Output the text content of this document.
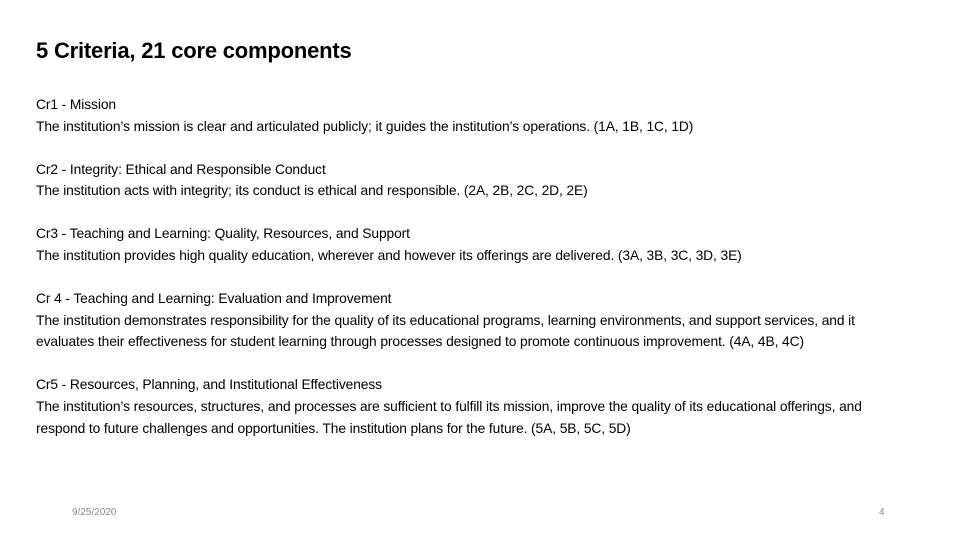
5 Criteria, 21 core components
Cr1 - Mission
The institution’s mission is clear and articulated publicly; it guides the institution’s operations. (1A, 1B, 1C, 1D)
Cr2 - Integrity: Ethical and Responsible Conduct
The institution acts with integrity; its conduct is ethical and responsible. (2A, 2B, 2C, 2D, 2E)
Cr3 - Teaching and Learning: Quality, Resources, and Support
The institution provides high quality education, wherever and however its offerings are delivered. (3A, 3B, 3C, 3D, 3E)
Cr 4 - Teaching and Learning: Evaluation and Improvement
The institution demonstrates responsibility for the quality of its educational programs, learning environments, and support services, and it evaluates their effectiveness for student learning through processes designed to promote continuous improvement. (4A, 4B, 4C)
Cr5 - Resources, Planning, and Institutional Effectiveness
The institution’s resources, structures, and processes are sufficient to fulfill its mission, improve the quality of its educational offerings, and respond to future challenges and opportunities. The institution plans for the future. (5A, 5B, 5C, 5D)
9/25/2020	4
